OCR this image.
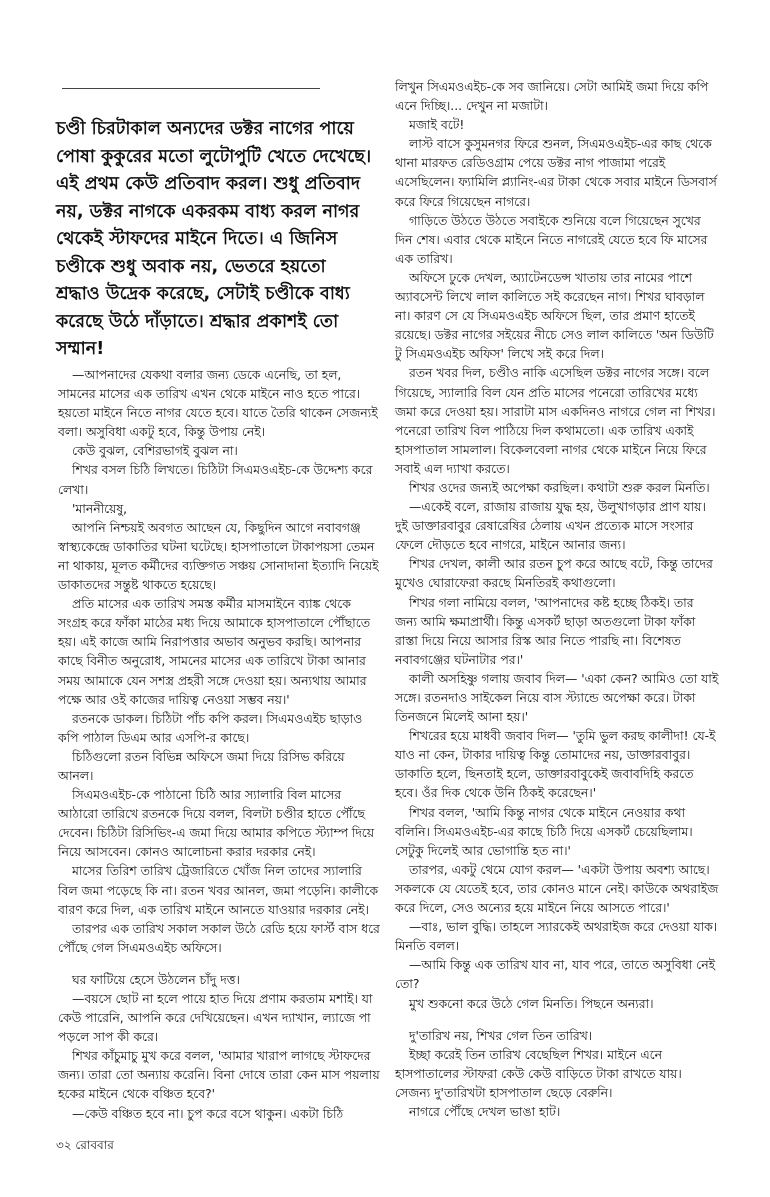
চণ্ডী চিরটাকাল অন্যদের ডক্টর নাগের পায়ে পোষা কুকুরের মতো লুটোপুটি খেতে দেখেছে। এই প্রথম কেউ প্রতিবাদ করল। শুধু প্রতিবাদ নয়, ডক্টর নাগকে একরকম বাধ্য করল নাগর থেকেই স্টাফদের মাইনে দিতে। এ জিনিস চণ্ডীকে শুধু অবাক নয়, ভেতরে হয়তো শ্রদ্ধাও উদ্রেক করেছে, সেটাই চণ্ডীকে বাধ্য করেছে উঠে দাঁড়াতে। শ্রদ্ধার প্রকাশই তো সম্মান!

—আপনাদের যেকথা বলার জন্য ডেকে এনেছি, তা হল, সামনের মাসের এক তারিখ এখন থেকে মাইনে নাও হতে পারে। হয়তো মাইনে নিতে নাগর যেতে হবে। যাতে তৈরি থাকেন সেজন্যই বলা। অসুবিধা একটু হবে, কিন্তু উপায় নেই।

কেউ বুঝল, বেশিরভাগই বুঝল না।

শিখর বসল চিঠি লিখতে। চিঠিটা সিএমওএইচ-কে উদ্দেশ্য করে লেখা।

'মাননীয়েষু,

আপনি নিশ্চয়ই অবগত আছেন যে, কিছুদিন আগে নবাবগঞ্জ স্বাস্থ্যকেন্দ্রে ডাকাতির ঘটনা ঘটেছে। হাসপাতালে টাকাপয়সা তেমন না থাকায়, মূলত কর্মীদের ব্যক্তিগত সঞ্চয় সোনাদানা ইত্যাদি নিয়েই ডাকাতদের সন্তুষ্ট থাকতে হয়েছে।

প্রতি মাসের এক তারিখ সমস্ত কর্মীর মাসমাইনে ব্যাঙ্ক থেকে সংগ্রহ করে ফাঁকা মাঠের মধ্য দিয়ে আমাকে হাসপাতালে পৌঁছাতে হয়। এই কাজে আমি নিরাপত্তার অভাব অনুভব করছি। আপনার কাছে বিনীত অনুরোধ, সামনের মাসের এক তারিখে টাকা আনার সময় আমাকে যেন সশস্ত্র প্রহরী সঙ্গে দেওয়া হয়। অন্যথায় আমার পক্ষে আর ওই কাজের দায়িত্ব নেওয়া সম্ভব নয়।'

রতনকে ডাকল। চিঠিটা পাঁচ কপি করল। সিএমওএইচ ছাড়াও কপি পাঠাল ডিএম আর এসপি-র কাছে।

চিঠিগুলো রতন বিভিন্ন অফিসে জমা দিয়ে রিসিভ করিয়ে আনল।

সিএমওএইচ-কে পাঠানো চিঠি আর স্যালারি বিল মাসের আঠারো তারিখে রতনকে দিয়ে বলল, বিলটা চণ্ডীর হাতে পৌঁছে দেবেন। চিঠিটা রিসিভিং-এ জমা দিয়ে আমার কপিতে স্ট্যাম্প দিয়ে নিয়ে আসবেন। কোনও আলোচনা করার দরকার নেই।

মাসের তিরিশ তারিখ ট্রেজারিতে খোঁজ নিল তাদের স্যালারি বিল জমা পড়েছে কি না। রতন খবর আনল, জমা পড়েনি। কালীকে বারণ করে দিল, এক তারিখ মাইনে আনতে যাওয়ার দরকার নেই।

তারপর এক তারিখ সকাল সকাল উঠে রেডি হয়ে ফার্স্ট বাস ধরে পৌঁছে গেল সিএমওএইচ অফিসে।

ঘর ফাটিয়ে হেসে উঠলেন চাঁদু দত্ত।

—বয়সে ছোট না হলে পায়ে হাত দিয়ে প্রণাম করতাম মশাই। যা কেউ পারেনি, আপনি করে দেখিয়েছেন। এখন দ্যাখান, ল্যাজে পা পড়লে সাপ কী করে।

শিখর কাঁচুমাচু মুখ করে বলল, 'আমার খারাপ লাগছে স্টাফদের জন্য। তারা তো অন্যায় করেনি। বিনা দোষে তারা কেন মাস পয়লায় হকের মাইনে থেকে বঞ্চিত হবে?'

—কেউ বঞ্চিত হবে না। চুপ করে বসে থাকুন। একটা চিঠি

লিখুন সিএমওএইচ-কে সব জানিয়ে। সেটা আমিই জমা দিয়ে কপি এনে দিচ্ছি।... দেখুন না মজাটা।

মজাই বটে!

লাস্ট বাসে কুসুমনগর ফিরে শুনল, সিএমওএইচ-এর কাছ থেকে থানা মারফত রেডিওগ্রাম পেয়ে ডক্টর নাগ পাজামা পরেই এসেছিলেন। ফ্যামিলি প্ল্যানিং-এর টাকা থেকে সবার মাইনে ডিসবার্স করে ফিরে গিয়েছেন নাগরে।

গাড়িতে উঠতে উঠতে সবাইকে শুনিয়ে বলে গিয়েছেন সুখের দিন শেষ। এবার থেকে মাইনে নিতে নাগরেই যেতে হবে ফি মাসের এক তারিখ।

অফিসে ঢুকে দেখল, অ্যাটেনডেন্স খাতায় তার নামের পাশে অ্যাবসেন্ট লিখে লাল কালিতে সই করেছেন নাগ। শিখর ঘাবড়াল না। কারণ সে যে সিএমওএইচ অফিসে ছিল, তার প্রমাণ হাতেই রয়েছে। ডক্টর নাগের সইয়ের নীচে সেও লাল কালিতে 'অন ডিউটি টু সিএমওএইচ অফিস' লিখে সই করে দিল।

রতন খবর দিল, চণ্ডীও নাকি এসেছিল ডক্টর নাগের সঙ্গে। বলে গিয়েছে, স্যালারি বিল যেন প্রতি মাসের পনেরো তারিখের মধ্যে জমা করে দেওয়া হয়। সারাটা মাস একদিনও নাগরে গেল না শিখর। পনেরো তারিখ বিল পাঠিয়ে দিল কথামতো। এক তারিখ একাই হাসপাতাল সামলাল। বিকেলবেলা নাগর থেকে মাইনে নিয়ে ফিরে সবাই এল দ্যাখা করতে।

শিখর ওদের জন্যই অপেক্ষা করছিল। কথাটা শুরু করল মিনতি।

—একেই বলে, রাজায় রাজায় যুদ্ধ হয়, উলুখাগড়ার প্রাণ যায়। দুই ডাক্তারবাবুর রেষারেষির ঠেলায় এখন প্রত্যেক মাসে সংসার ফেলে দৌড়তে হবে নাগরে, মাইনে আনার জন্য।

শিখর দেখল, কালী আর রতন চুপ করে আছে বটে, কিন্তু তাদের মুখেও ঘোরাফেরা করছে মিনতিরই কথাগুলো।

শিখর গলা নামিয়ে বলল, 'আপনাদের কষ্ট হচ্ছে ঠিকই। তার জন্য আমি ক্ষমাপ্রার্থী। কিন্তু এসকর্ট ছাড়া অতগুলো টাকা ফাঁকা রাস্তা দিয়ে নিয়ে আসার রিস্ক আর নিতে পারছি না। বিশেষত নবাবগঞ্জের ঘটনাটার পর।'

কালী অসহিষ্ণু গলায় জবাব দিল— 'একা কেন? আমিও তো যাই সঙ্গে। রতনদাও সাইকেল নিয়ে বাস স্ট্যান্ডে অপেক্ষা করে। টাকা তিনজনে মিলেই আনা হয়।'

শিখরের হয়ে মাধবী জবাব দিল— 'তুমি ভুল করছ কালীদা! যে-ই যাও না কেন, টাকার দায়িত্ব কিন্তু তোমাদের নয়, ডাক্তারবাবুর। ডাকাতি হলে, ছিনতাই হলে, ডাক্তারবাবুকেই জবাবদিহি করতে হবে। ওঁর দিক থেকে উনি ঠিকই করেছেন।'

শিখর বলল, 'আমি কিন্তু নাগর থেকে মাইনে নেওয়ার কথা বলিনি। সিএমওএইচ-এর কাছে চিঠি দিয়ে এসকর্ট চেয়েছিলাম। সেটুকু দিলেই আর ভোগান্তি হত না।'

তারপর, একটু থেমে যোগ করল— 'একটা উপায় অবশ্য আছে। সকলকে যে যেতেই হবে, তার কোনও মানে নেই। কাউকে অথরাইজ করে দিলে, সেও অন্যের হয়ে মাইনে নিয়ে আসতে পারে।'

—বাঃ, ভাল বুদ্ধি। তাহলে স্যারকেই অথরাইজ করে দেওয়া যাক। মিনতি বলল।

—আমি কিন্তু এক তারিখ যাব না, যাব পরে, তাতে অসুবিধা নেই তো?

মুখ শুকনো করে উঠে গেল মিনতি। পিছনে অন্যরা।

দু'তারিখ নয়, শিখর গেল তিন তারিখ।

ইচ্ছা করেই তিন তারিখ বেছেছিল শিখর। মাইনে এনে হাসপাতালের স্টাফরা কেউ কেউ বাড়িতে টাকা রাখতে যায়। সেজন্য দু'তারিখটা হাসপাতাল ছেড়ে বেরুনি।

নাগরে পৌঁছে দেখল ভাঙা হাট।

৩২ রোববার
